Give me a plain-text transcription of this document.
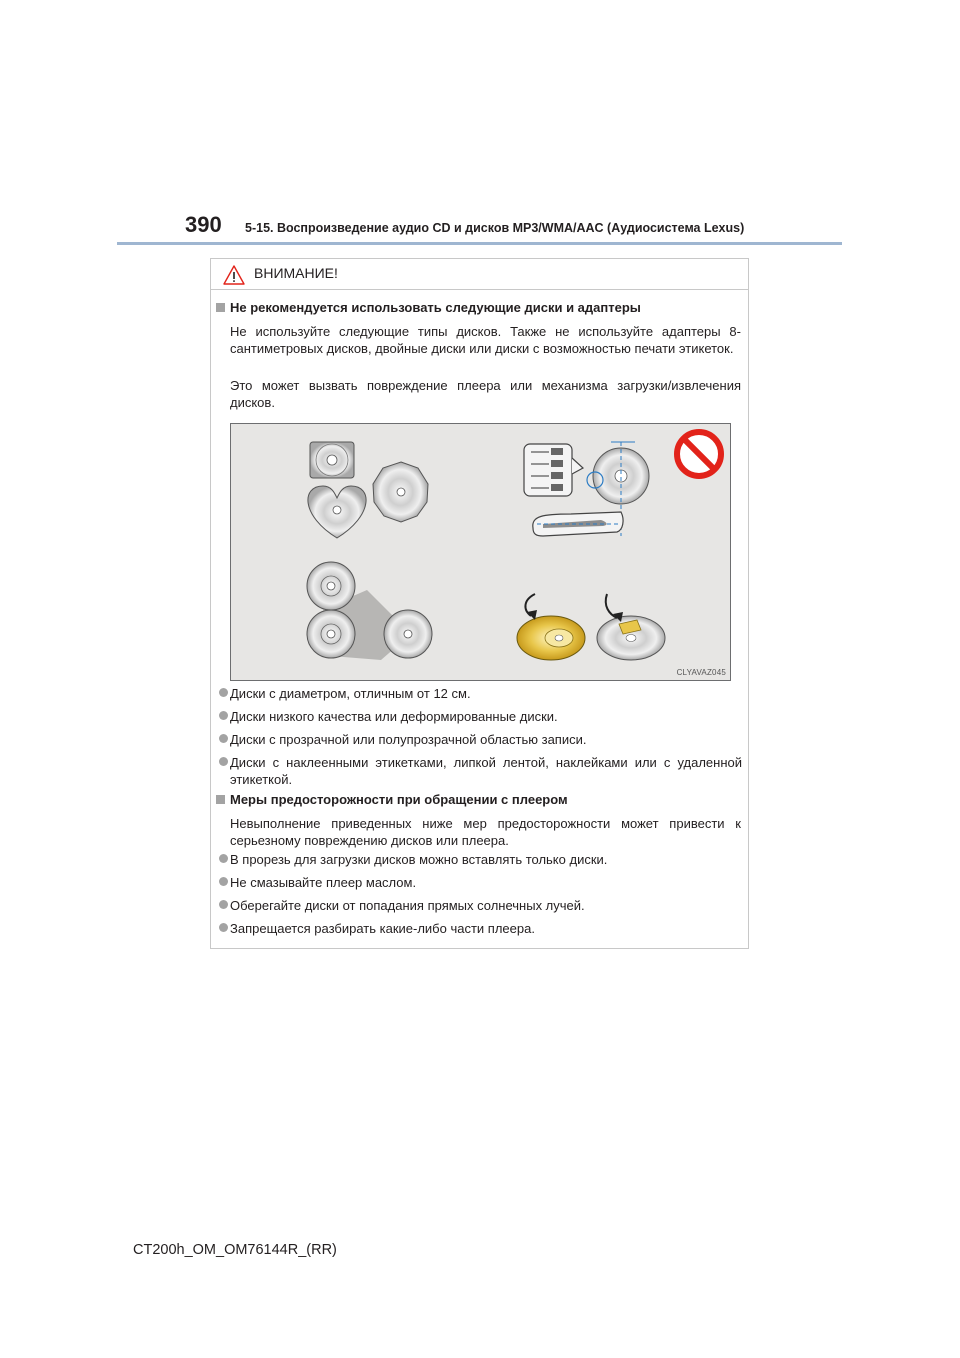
390 5-15. Воспроизведение аудио CD и дисков MP3/WMA/AAC (Аудиосистема Lexus)
ВНИМАНИЕ!
Не рекомендуется использовать следующие диски и адаптеры
Не используйте следующие типы дисков. Также не используйте адаптеры 8-сантиметровых дисков, двойные диски или диски с возможностью печати этикеток.
Это может вызвать повреждение плеера или механизма загрузки/извлечения дисков.
CLYAVAZ045
Диски с диаметром, отличным от 12 см.
Диски низкого качества или деформированные диски.
Диски с прозрачной или полупрозрачной областью записи.
Диски с наклеенными этикетками, липкой лентой, наклейками или с удаленной этикеткой.
Меры предосторожности при обращении с плеером
Невыполнение приведенных ниже мер предосторожности может привести к серьезному повреждению дисков или плеера.
В прорезь для загрузки дисков можно вставлять только диски.
Не смазывайте плеер маслом.
Оберегайте диски от попадания прямых солнечных лучей.
Запрещается разбирать какие-либо части плеера.
CT200h_OM_OM76144R_(RR)
